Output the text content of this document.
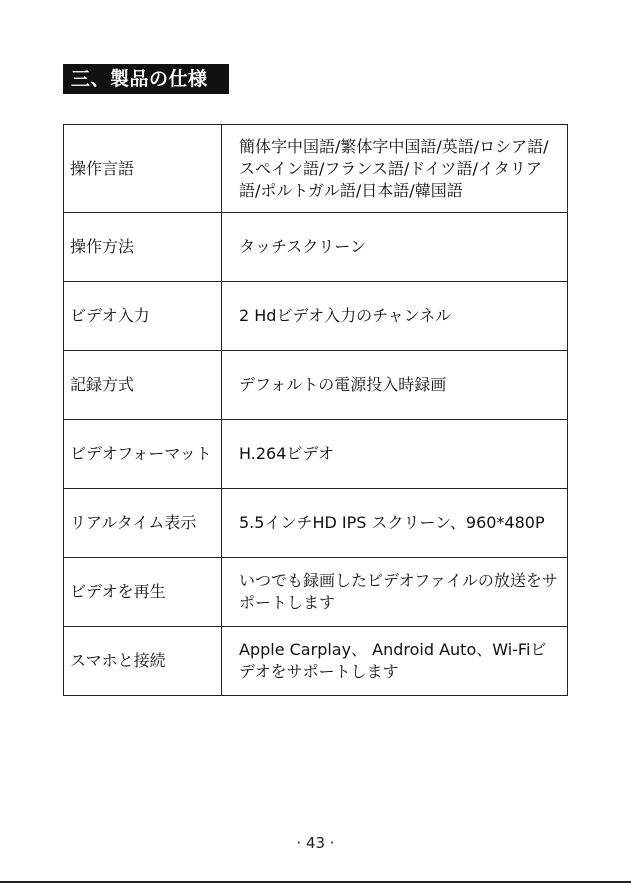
三、製品の仕様
操作言語	簡体字中国語/繁体字中国語/英語/ロシア語/スペイン語/フランス語/ドイツ語/イタリア語/ポルトガル語/日本語/韓国語
操作方法	タッチスクリーン
ビデオ入力	2 Hdビデオ入力のチャンネル
記録方式	デフォルトの電源投入時録画
ビデオフォーマット	H.264ビデオ
リアルタイム表示	5.5インチHD IPS スクリーン、960*480P
ビデオを再生	いつでも録画したビデオファイルの放送をサポートします
スマホと接続	Apple Carplay、 Android Auto、Wi-Fiビデオをサポートします
· 43 ·
